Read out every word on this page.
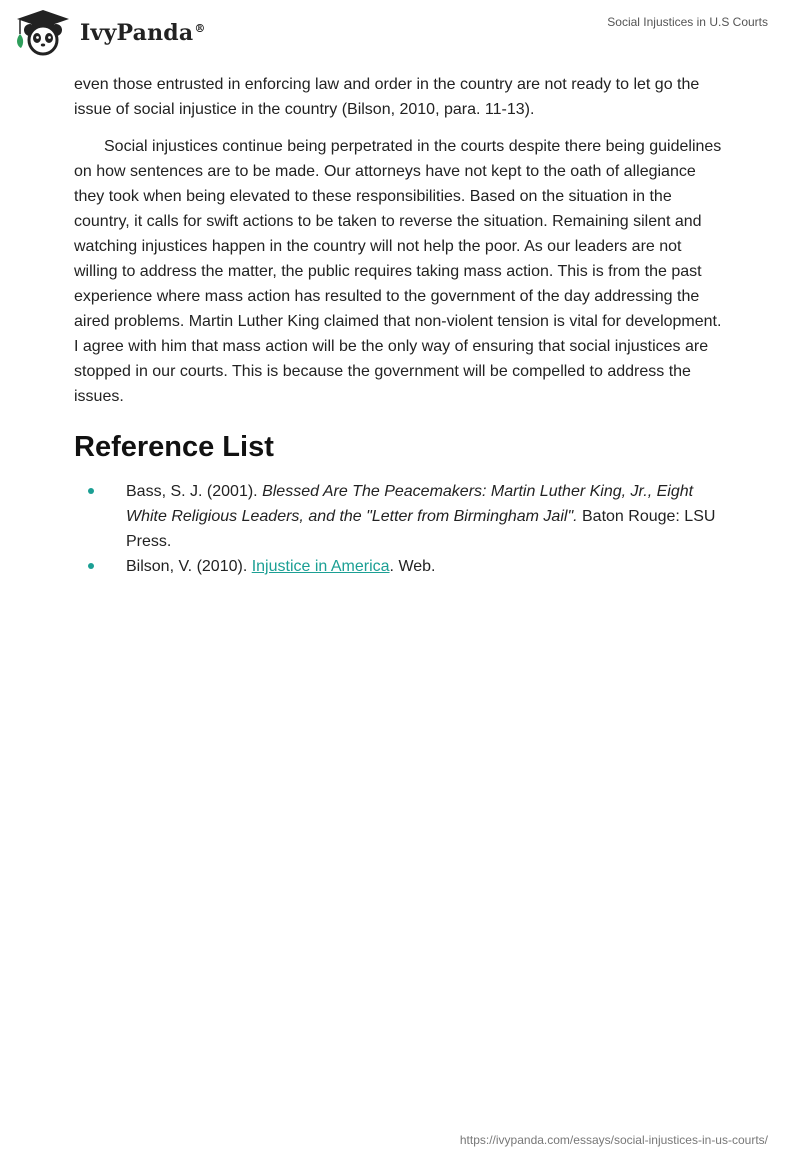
IvyPanda®	Social Injustices in U.S Courts

even those entrusted in enforcing law and order in the country are not ready to let go the issue of social injustice in the country (Bilson, 2010, para. 11-13).

Social injustices continue being perpetrated in the courts despite there being guidelines on how sentences are to be made. Our attorneys have not kept to the oath of allegiance they took when being elevated to these responsibilities. Based on the situation in the country, it calls for swift actions to be taken to reverse the situation. Remaining silent and watching injustices happen in the country will not help the poor. As our leaders are not willing to address the matter, the public requires taking mass action. This is from the past experience where mass action has resulted to the government of the day addressing the aired problems. Martin Luther King claimed that non-violent tension is vital for development. I agree with him that mass action will be the only way of ensuring that social injustices are stopped in our courts. This is because the government will be compelled to address the issues.

Reference List
Bass, S. J. (2001). Blessed Are The Peacemakers: Martin Luther King, Jr., Eight White Religious Leaders, and the "Letter from Birmingham Jail". Baton Rouge: LSU Press.
Bilson, V. (2010). Injustice in America. Web.
https://ivypanda.com/essays/social-injustices-in-us-courts/
